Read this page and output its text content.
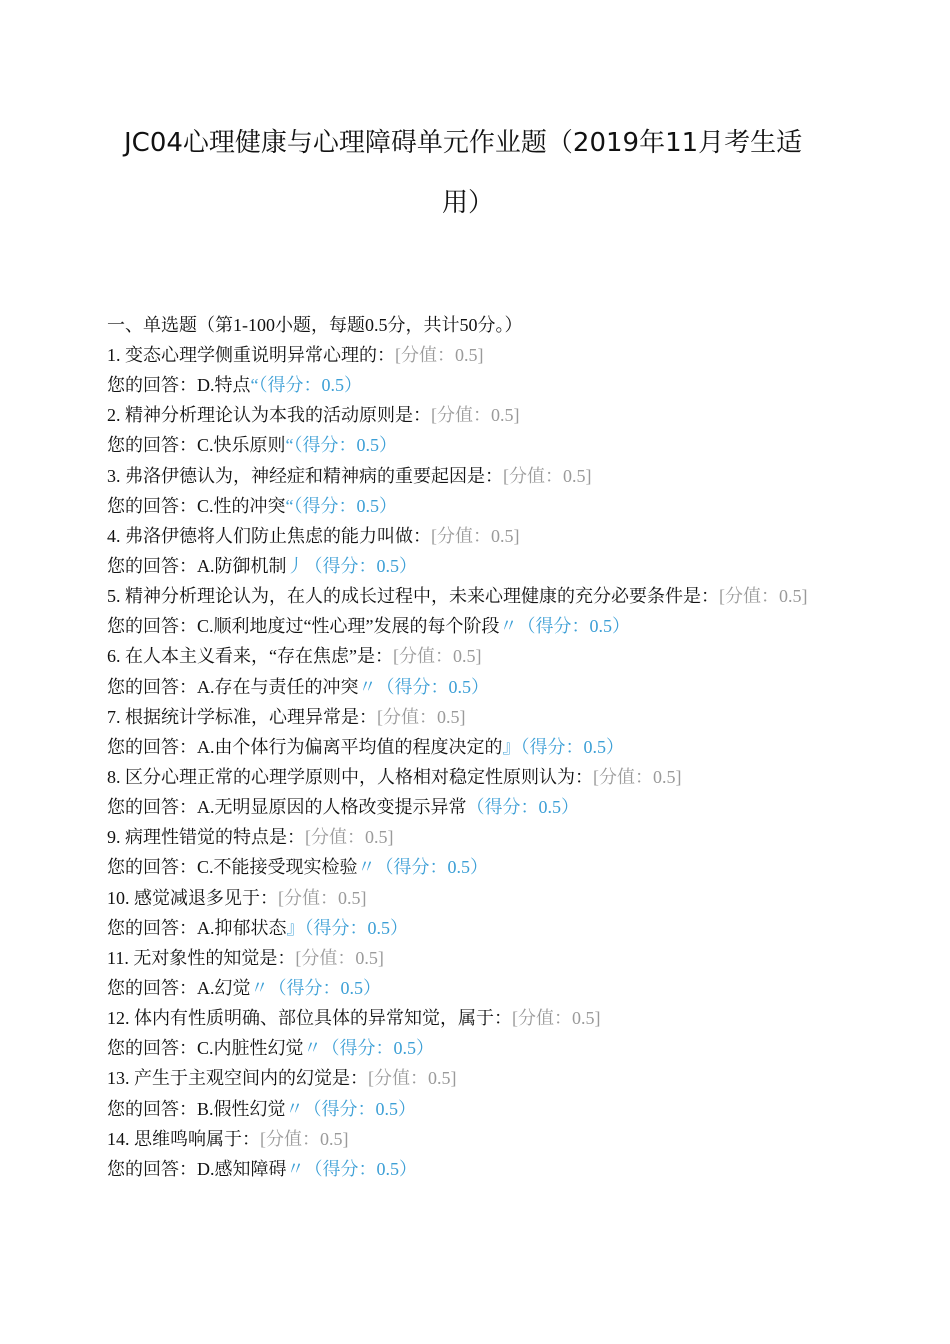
JC04心理健康与心理障碍单元作业题（2019年11月考生适
用）
一、单选题（第1-100小题，每题0.5分，共计50分。）
1. 变态心理学侧重说明异常心理的：[分值：0.5]
您的回答：D.特点“（得分：0.5）
2. 精神分析理论认为本我的活动原则是：[分值：0.5]
您的回答：C.快乐原则“（得分：0.5）
3. 弗洛伊德认为，神经症和精神病的重要起因是：[分值：0.5]
您的回答：C.性的冲突“（得分：0.5）
4. 弗洛伊德将人们防止焦虑的能力叫做：[分值：0.5]
您的回答：A.防御机制丿（得分：0.5）
5. 精神分析理论认为，在人的成长过程中，未来心理健康的充分必要条件是：[分值：0.5]
您的回答：C.顺利地度过“性心理”发展的每个阶段〃（得分：0.5）
6. 在人本主义看来，“存在焦虑”是：[分值：0.5]
您的回答：A.存在与责任的冲突〃（得分：0.5）
7. 根据统计学标准，心理异常是：[分值：0.5]
您的回答：A.由个体行为偏离平均值的程度决定的』（得分：0.5）
8. 区分心理正常的心理学原则中，人格相对稳定性原则认为：[分值：0.5]
您的回答：A.无明显原因的人格改变提示异常（得分：0.5）
9. 病理性错觉的特点是：[分值：0.5]
您的回答：C.不能接受现实检验〃（得分：0.5）
10. 感觉减退多见于：[分值：0.5]
您的回答：A.抑郁状态』（得分：0.5）
11. 无对象性的知觉是：[分值：0.5]
您的回答：A.幻觉〃（得分：0.5）
12. 体内有性质明确、部位具体的异常知觉，属于：[分值：0.5]
您的回答：C.内脏性幻觉〃（得分：0.5）
13. 产生于主观空间内的幻觉是：[分值：0.5]
您的回答：B.假性幻觉〃（得分：0.5）
14. 思维鸣响属于：[分值：0.5]
您的回答：D.感知障碍〃（得分：0.5）
